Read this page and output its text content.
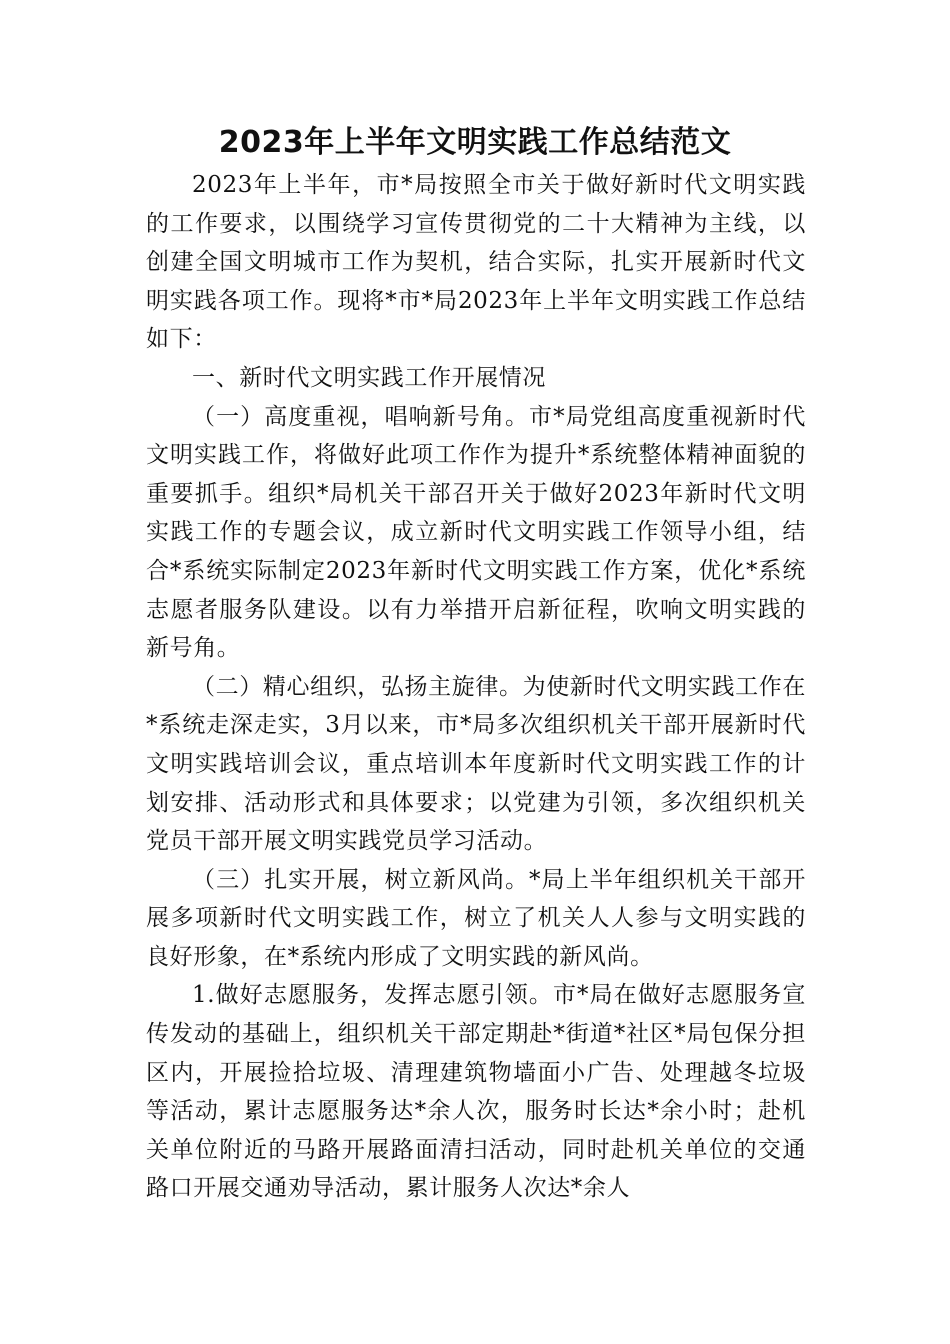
2023年上半年文明实践工作总结范文

2023年上半年，市*局按照全市关于做好新时代文明实践的工作要求，以围绕学习宣传贯彻党的二十大精神为主线，以创建全国文明城市工作为契机，结合实际，扎实开展新时代文明实践各项工作。现将*市*局2023年上半年文明实践工作总结如下：

一、新时代文明实践工作开展情况

（一）高度重视，唱响新号角。市*局党组高度重视新时代文明实践工作，将做好此项工作作为提升*系统整体精神面貌的重要抓手。组织*局机关干部召开关于做好2023年新时代文明实践工作的专题会议，成立新时代文明实践工作领导小组，结合*系统实际制定2023年新时代文明实践工作方案，优化*系统志愿者服务队建设。以有力举措开启新征程，吹响文明实践的新号角。

（二）精心组织，弘扬主旋律。为使新时代文明实践工作在*系统走深走实，3月以来，市*局多次组织机关干部开展新时代文明实践培训会议，重点培训本年度新时代文明实践工作的计划安排、活动形式和具体要求；以党建为引领，多次组织机关党员干部开展文明实践党员学习活动。

（三）扎实开展，树立新风尚。*局上半年组织机关干部开展多项新时代文明实践工作，树立了机关人人参与文明实践的良好形象，在*系统内形成了文明实践的新风尚。

1.做好志愿服务，发挥志愿引领。市*局在做好志愿服务宣传发动的基础上，组织机关干部定期赴*街道*社区*局包保分担区内，开展捡拾垃圾、清理建筑物墙面小广告、处理越冬垃圾等活动，累计志愿服务达*余人次，服务时长达*余小时；赴机关单位附近的马路开展路面清扫活动，同时赴机关单位的交通路口开展交通劝导活动，累计服务人次达*余人
